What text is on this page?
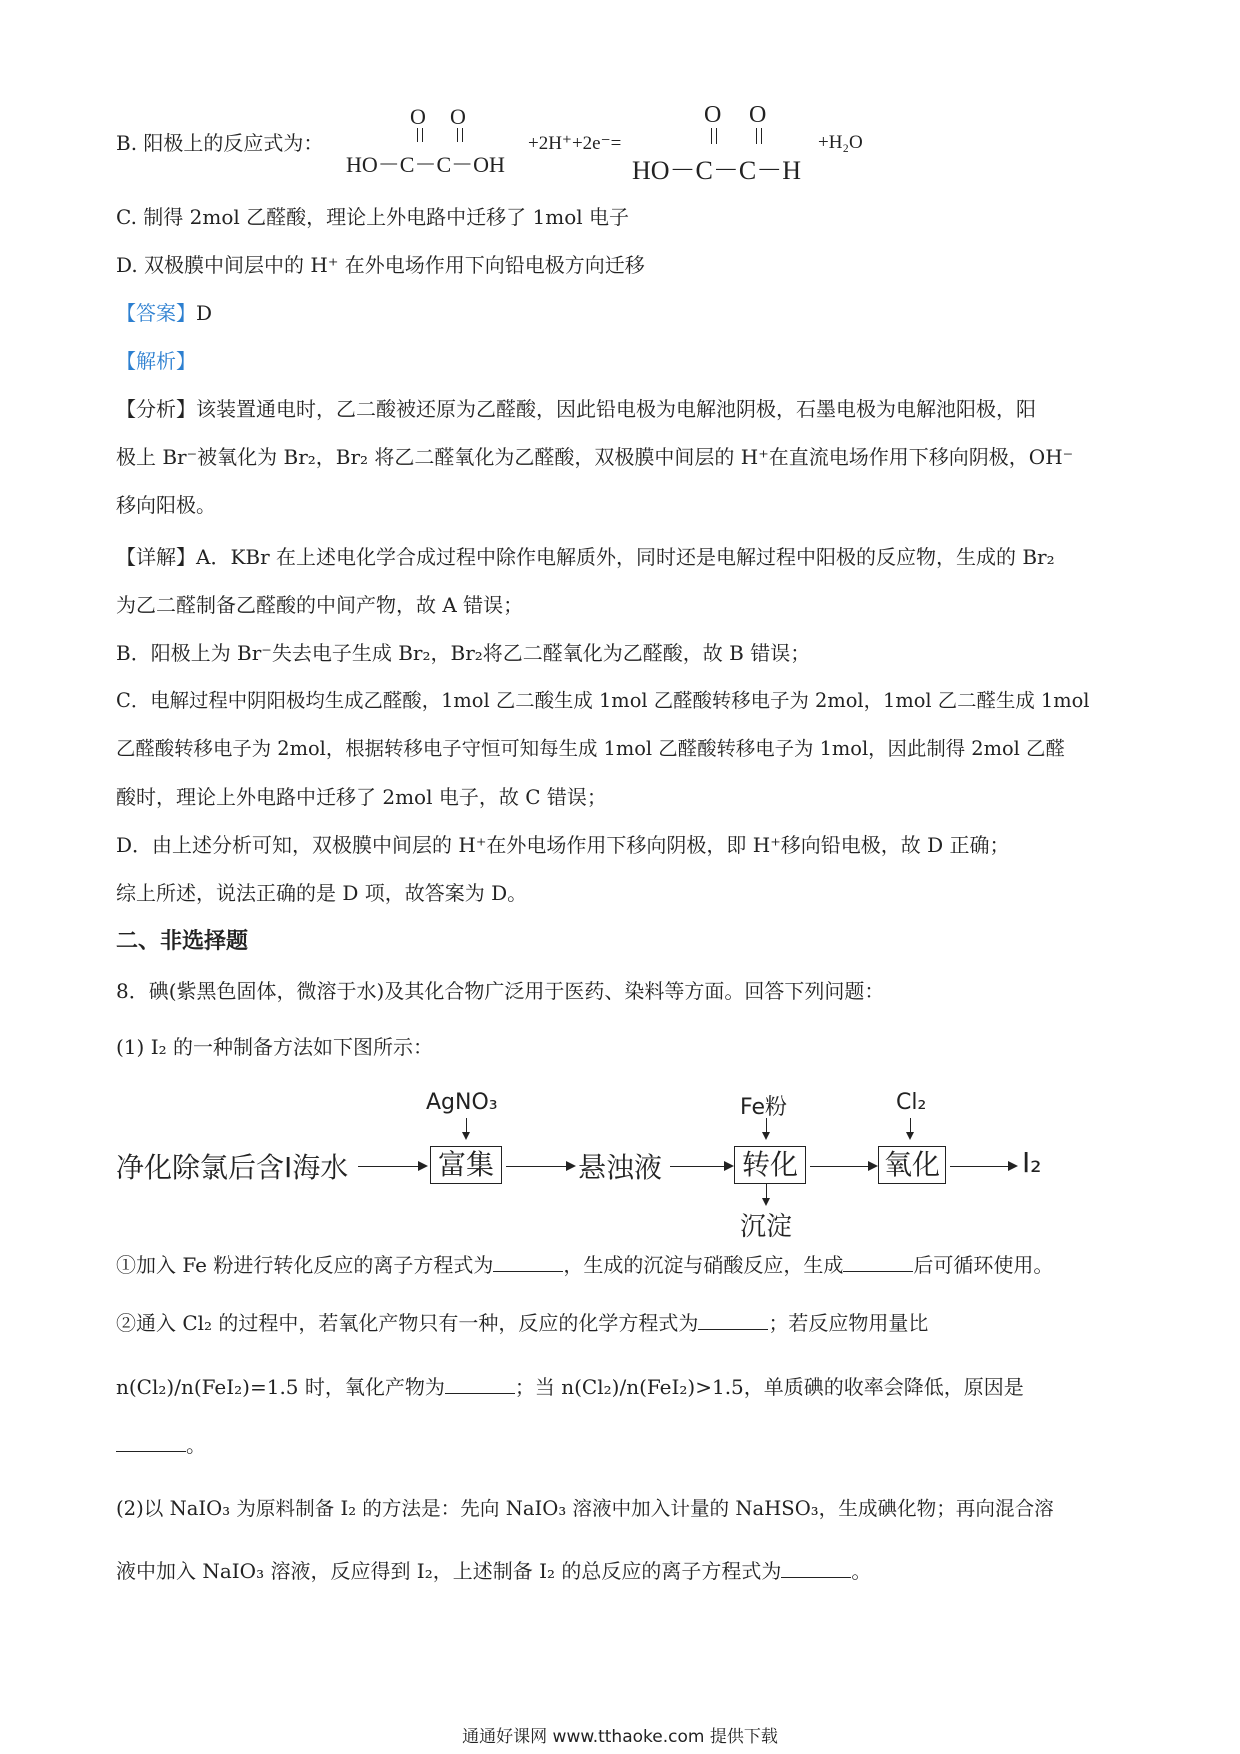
B. 阳极上的反应式为：
O O
HO－C－C－OH
+2H⁺+2e⁻=
O O
HO－C－C－H
+H₂O
C. 制得 2mol 乙醛酸，理论上外电路中迁移了 1mol 电子
D. 双极膜中间层中的 H⁺ 在外电场作用下向铅电极方向迁移
【答案】D
【解析】
【分析】该装置通电时，乙二酸被还原为乙醛酸，因此铅电极为电解池阴极，石墨电极为电解池阳极，阳
极上 Br⁻被氧化为 Br₂，Br₂ 将乙二醛氧化为乙醛酸，双极膜中间层的 H⁺在直流电场作用下移向阴极，OH⁻
移向阳极。
【详解】A．KBr 在上述电化学合成过程中除作电解质外，同时还是电解过程中阳极的反应物，生成的 Br₂
为乙二醛制备乙醛酸的中间产物，故 A 错误；
B．阳极上为 Br⁻失去电子生成 Br₂，Br₂将乙二醛氧化为乙醛酸，故 B 错误；
C．电解过程中阴阳极均生成乙醛酸，1mol 乙二酸生成 1mol 乙醛酸转移电子为 2mol，1mol 乙二醛生成 1mol
乙醛酸转移电子为 2mol，根据转移电子守恒可知每生成 1mol 乙醛酸转移电子为 1mol，因此制得 2mol 乙醛
酸时，理论上外电路中迁移了 2mol 电子，故 C 错误；
D．由上述分析可知，双极膜中间层的 H⁺在外电场作用下移向阴极，即 H⁺移向铅电极，故 D 正确；
综上所述，说法正确的是 D 项，故答案为 D。
二、非选择题
8．碘(紫黑色固体，微溶于水)及其化合物广泛用于医药、染料等方面。回答下列问题：
(1) I₂ 的一种制备方法如下图所示：
净化除氯后含I海水
AgNO₃
富集	悬浊液
Fe粉
转化
沉淀
Cl₂
氧化	I₂
①加入 Fe 粉进行转化反应的离子方程式为	，生成的沉淀与硝酸反应，生成	后可循环使用。
②通入 Cl₂ 的过程中，若氧化产物只有一种，反应的化学方程式为	；若反应物用量比
n(Cl₂)/n(FeI₂)=1.5 时，氧化产物为	；当 n(Cl₂)/n(FeI₂)>1.5，单质碘的收率会降低，原因是
。
(2)以 NaIO₃ 为原料制备 I₂ 的方法是：先向 NaIO₃ 溶液中加入计量的 NaHSO₃，生成碘化物；再向混合溶
液中加入 NaIO₃ 溶液，反应得到 I₂，上述制备 I₂ 的总反应的离子方程式为	。
通通好课网 www.tthaoke.com 提供下载
